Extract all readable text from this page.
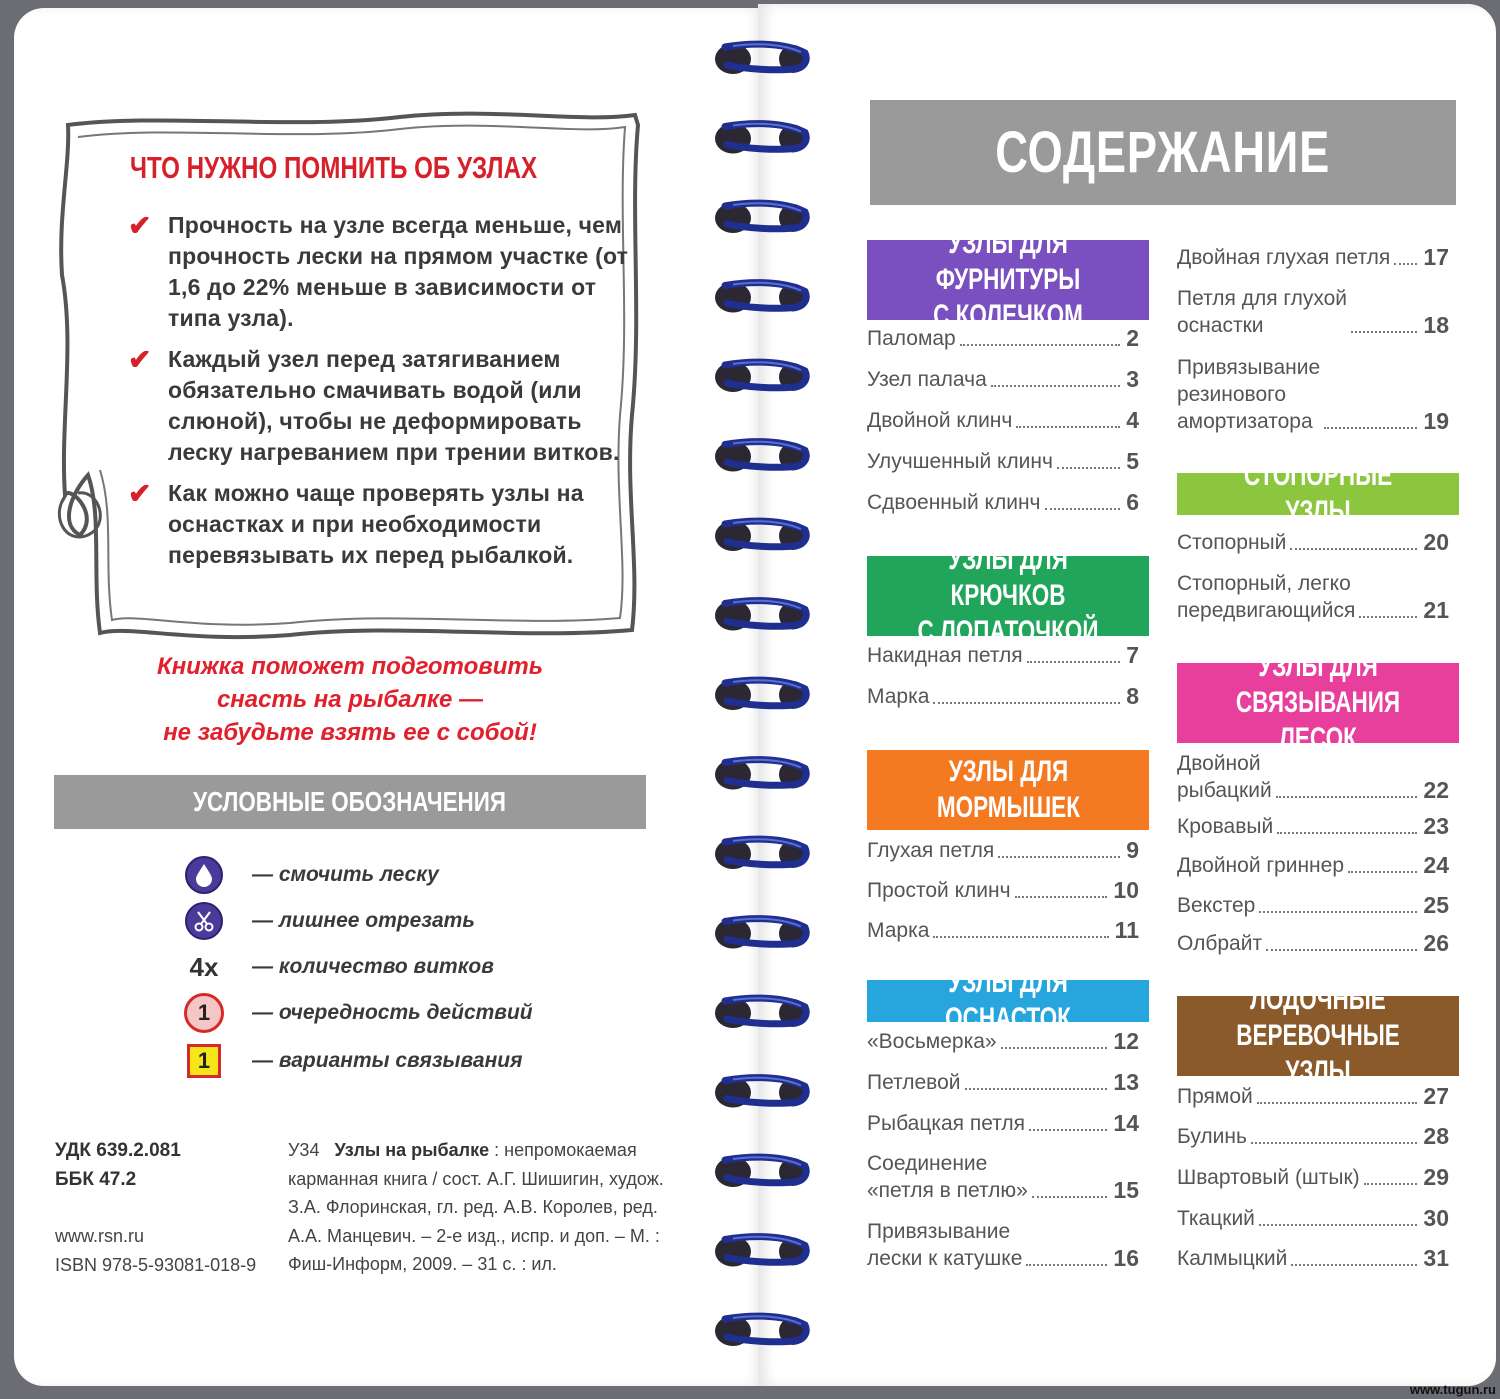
ЧТО НУЖНО ПОМНИТЬ ОБ УЗЛАХ
✔ Прочность на узле всегда меньше, чем прочность лески на прямом участке (от 1,6 до 22% меньше в зависимости от типа узла).
✔ Каждый узел перед затягиванием обязательно смачивать водой (или слюной), чтобы не деформировать леску нагреванием при трении витков.
✔ Как можно чаще проверять узлы на оснастках и при необходимости перевязывать их перед рыбалкой.
Книжка поможет подготовить
снасть на рыбалке —
не забудьте взять ее с собой!
УСЛОВНЫЕ ОБОЗНАЧЕНИЯ
— смочить леску
— лишнее отрезать
4x — количество витков
1	— очередность действий
1	— варианты связывания
УДК 639.2.081
ББК 47.2
www.rsn.ru
ISBN 978-5-93081-018-9
У34 Узлы на рыбалке : непромокаемая карманная книга / сост. А.Г. Шишигин, худож. З.А. Флоринская, гл. ред. А.В. Королев, ред. А.А. Манцевич. – 2-е изд., испр. и доп. – М. : Фиш-Информ, 2009. – 31 с. : ил.
СОДЕРЖАНИЕ
УЗЛЫ ДЛЯ ФУРНИТУРЫ
С КОЛЕЧКОМ
Паломар	2
Узел палача	3
Двойной клинч	4
Улучшенный клинч	5
Сдвоенный клинч	6
УЗЛЫ ДЛЯ КРЮЧКОВ
С ЛОПАТОЧКОЙ
Накидная петля	7
Марка	8
УЗЛЫ ДЛЯ
МОРМЫШЕК
Глухая петля	9
Простой клинч	10
Марка	11
УЗЛЫ ДЛЯ ОСНАСТОК
«Восьмерка»	12
Петлевой	13
Рыбацкая петля	14
Соединение
«петля в петлю»	15
Привязывание
лески к катушке	16
Двойная глухая петля 17
Петля для глухой
оснастки	18
Привязывание
резинового
амортизатора	19
СТОПОРНЫЕ УЗЛЫ
Стопорный	20
Стопорный, легко
передвигающийся	21
УЗЛЫ ДЛЯ
СВЯЗЫВАНИЯ ЛЕСОК
Двойной
рыбацкий	22
Кровавый	23
Двойной гриннер	24
Векстер	25
Олбрайт	26
ЛОДОЧНЫЕ
ВЕРЕВОЧНЫЕ УЗЛЫ
Прямой	27
Булинь	28
Швартовый (штык)	29
Ткацкий	30
Калмыцкий	31
www.tugun.ru
